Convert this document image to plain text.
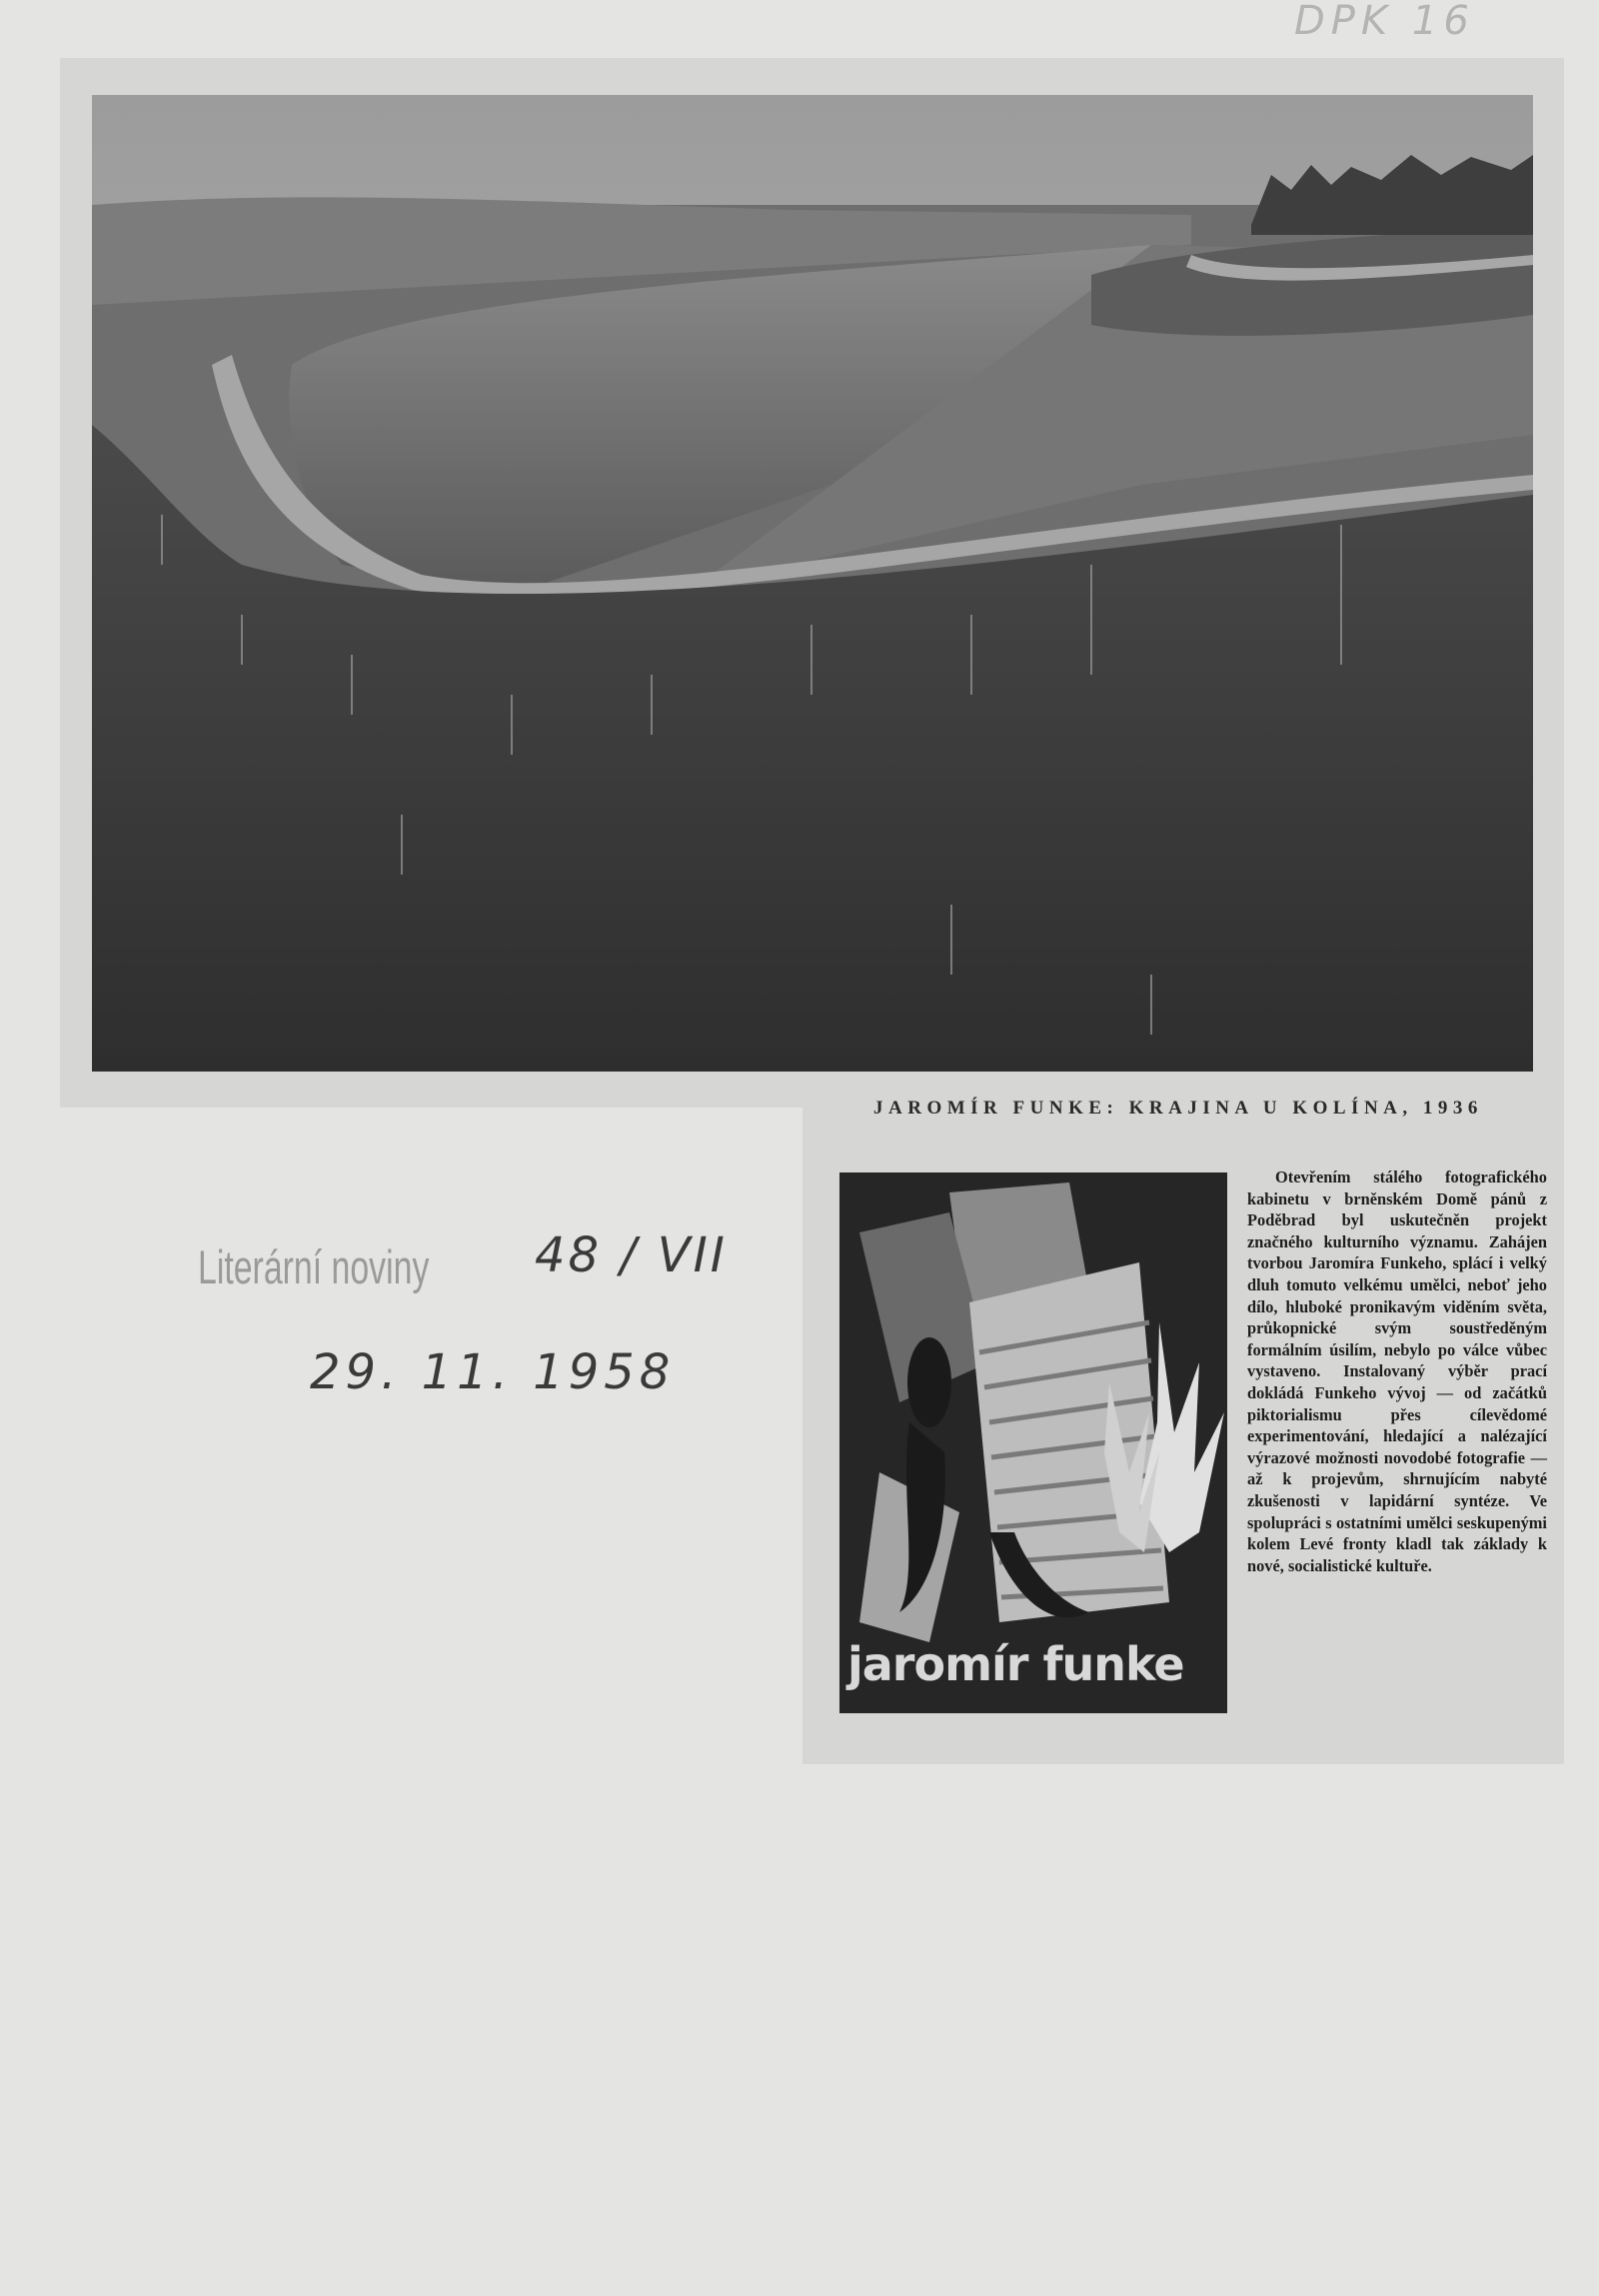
DPK 16
JAROMÍR FUNKE: KRAJINA U KOLÍNA, 1936
jaromír funke

Otevřením stálého fotografického kabinetu v brněnském Domě pánů z Poděbrad byl uskutečněn projekt značného kulturního významu. Zahájen tvorbou Jaromíra Funkeho, splácí i velký dluh tomuto velkému umělci, neboť jeho dílo, hluboké pronikavým viděním světa, průkopnické svým soustředěným formálním úsilím, nebylo po válce vůbec vystaveno. Instalovaný výběr prací dokládá Funkeho vývoj — od začátků piktorialismu přes cílevědomé experimentování, hledající a nalézající výrazové možnosti novodobé fotografie — až k projevům, shrnujícím nabyté zkušenosti v lapidární syntéze. Ve spolupráci s ostatními umělci seskupenými kolem Levé fronty kladl tak základy k nové, socialistické kultuře.

Literární noviny 48 / VII
29. 11. 1958
